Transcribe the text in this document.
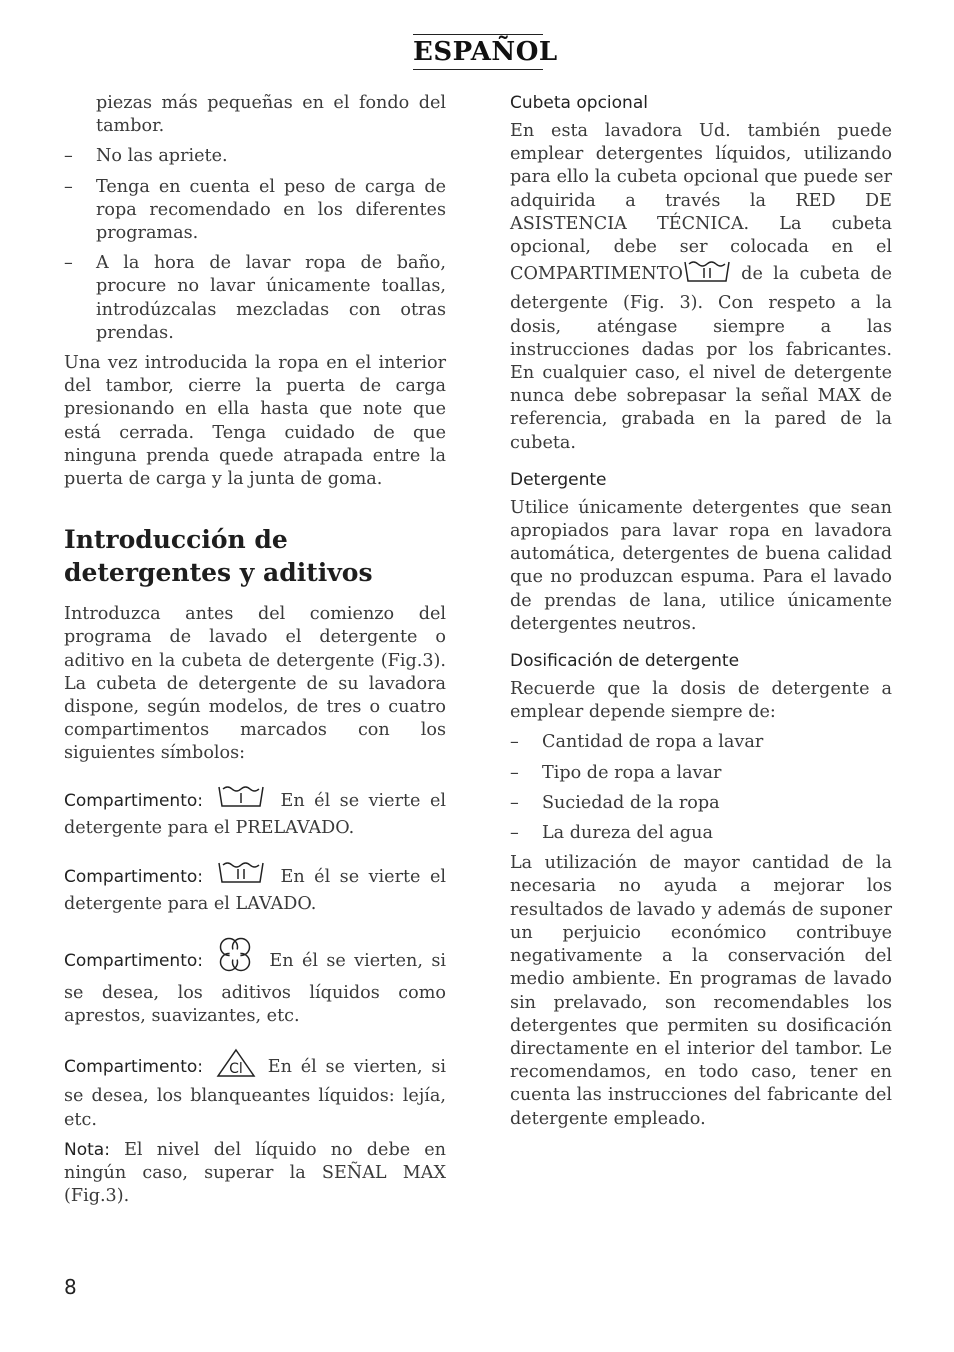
ESPAÑOL

piezas más pequeñas en el fondo del tambor.

– No las apriete.
– Tenga en cuenta el peso de carga de ropa recomendado en los diferentes programas.
– A la hora de lavar ropa de baño, procure no lavar únicamente toallas, introdúzcalas mezcladas con otras prendas.

Una vez introducida la ropa en el interior del tambor, cierre la puerta de carga presionando en ella hasta que note que está cerrada. Tenga cuidado de que ninguna prenda quede atrapada entre la puerta de carga y la junta de goma.

Introducción de detergentes y aditivos

Introduzca antes del comienzo del programa de lavado el detergente o aditivo en la cubeta de detergente (Fig.3). La cubeta de detergente de su lavadora dispone, según modelos, de tres o cuatro compartimentos marcados con los siguientes símbolos:

Compartimento:	En él se vierte el detergente para el PRELAVADO.

Compartimento:	En él se vierte el detergente para el LAVADO.

Compartimento:	En él se vierten, si se desea, los aditivos líquidos como aprestos, suavizantes, etc.

Compartimento: Cl En él se vierten, si se desea, los blanqueantes líquidos: lejía, etc.

Nota: El nivel del líquido no debe en ningún caso, superar la SEÑAL MAX (Fig.3).

Cubeta opcional

En esta lavadora Ud. también puede emplear detergentes líquidos, utilizando para ello la cubeta opcional que puede ser adquirida a través la RED DE ASISTENCIA TÉCNICA. La cubeta opcional, debe ser colocada en el COMPARTIMENTO	de la cubeta de detergente (Fig. 3). Con respeto a la dosis, aténgase siempre a las instrucciones dadas por los fabricantes. En cualquier caso, el nivel de detergente nunca debe sobrepasar la señal MAX de referencia, grabada en la pared de la cubeta.

Detergente

Utilice únicamente detergentes que sean apropiados para lavar ropa en lavadora automática, detergentes de buena calidad que no produzcan espuma. Para el lavado de prendas de lana, utilice únicamente detergentes neutros.

Dosificación de detergente

Recuerde que la dosis de detergente a emplear depende siempre de:

– Cantidad de ropa a lavar
– Tipo de ropa a lavar
– Suciedad de la ropa
– La dureza del agua

La utilización de mayor cantidad de la necesaria no ayuda a mejorar los resultados de lavado y además de suponer un perjuicio económico contribuye negativamente a la conservación del medio ambiente. En programas de lavado sin prelavado, son recomendables los detergentes que permiten su dosificación directamente en el interior del tambor. Le recomendamos, en todo caso, tener en cuenta las instrucciones del fabricante del detergente empleado.

8
